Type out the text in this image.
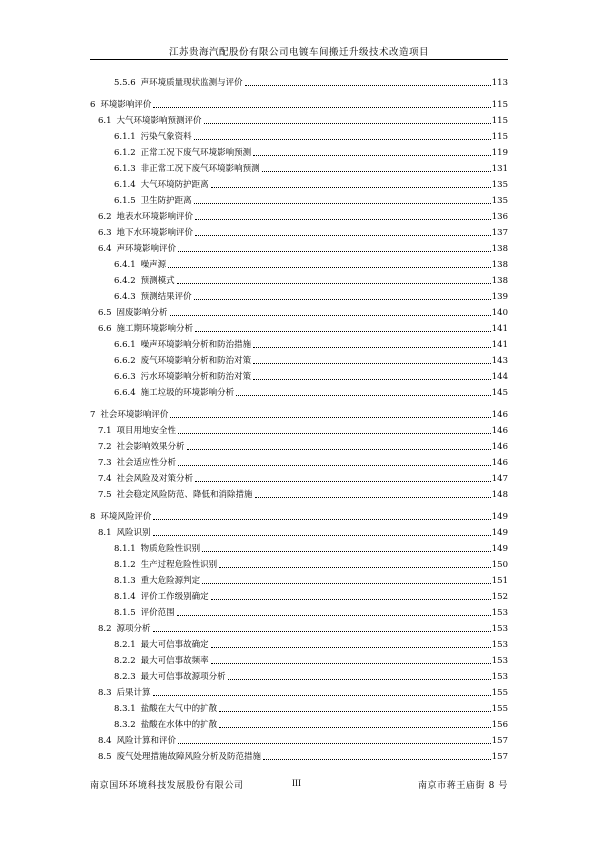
江苏贵海汽配股份有限公司电镀车间搬迁升级技术改造项目
5.5.6 声环境质量现状监测与评价	113
6 环境影响评价	115
6.1 大气环境影响预测评价	115
6.1.1 污染气象资料	115
6.1.2 正常工况下废气环境影响预测	119
6.1.3 非正常工况下废气环境影响预测	131
6.1.4 大气环境防护距离	135
6.1.5 卫生防护距离	135
6.2 地表水环境影响评价	136
6.3 地下水环境影响评价	137
6.4 声环境影响评价	138
6.4.1 噪声源	138
6.4.2 预测模式	138
6.4.3 预测结果评价	139
6.5 固废影响分析	140
6.6 施工期环境影响分析	141
6.6.1 噪声环境影响分析和防治措施	141
6.6.2 废气环境影响分析和防治对策	143
6.6.3 污水环境影响分析和防治对策	144
6.6.4 施工垃圾的环境影响分析	145
7 社会环境影响评价	146
7.1 项目用地安全性	146
7.2 社会影响效果分析	146
7.3 社会适应性分析	146
7.4 社会风险及对策分析	147
7.5 社会稳定风险防范、降低和消除措施	148
8 环境风险评价	149
8.1 风险识别	149
8.1.1 物质危险性识别	149
8.1.2 生产过程危险性识别	150
8.1.3 重大危险源判定	151
8.1.4 评价工作级别确定	152
8.1.5 评价范围	153
8.2 源项分析	153
8.2.1 最大可信事故确定	153
8.2.2 最大可信事故频率	153
8.2.3 最大可信事故源项分析	153
8.3 后果计算	155
8.3.1 盐酸在大气中的扩散	155
8.3.2 盐酸在水体中的扩散	156
8.4 风险计算和评价	157
8.5 废气处理措施故障风险分析及防范措施	157
南京国环环境科技发展股份有限公司	III	南京市蒋王庙街 8 号
